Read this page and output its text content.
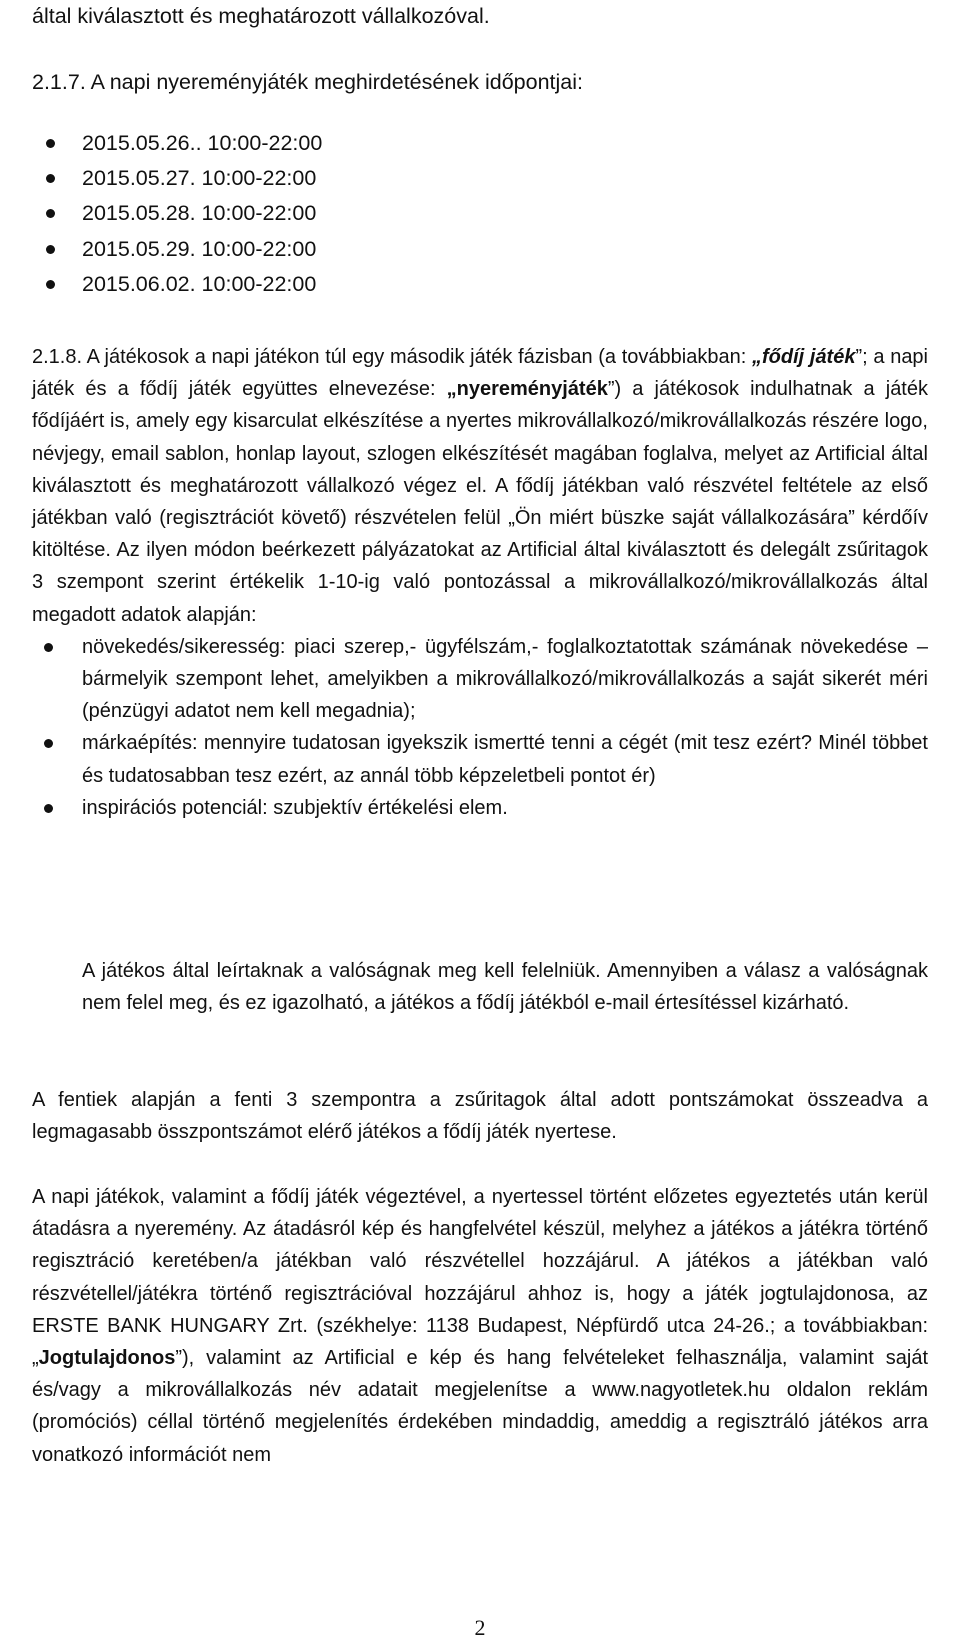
által kiválasztott és meghatározott vállalkozóval.
2.1.7. A napi nyereményjáték meghirdetésének időpontjai:
2015.05.26.. 10:00-22:00
2015.05.27. 10:00-22:00
2015.05.28. 10:00-22:00
2015.05.29. 10:00-22:00
2015.06.02. 10:00-22:00
2.1.8. A játékosok a napi játékon túl egy második játék fázisban (a továbbiakban: „fődíj játék”; a napi játék és a fődíj játék együttes elnevezése: „nyereményjáték”) a játékosok indulhatnak a játék fődíjáért is, amely egy kisarculat elkészítése a nyertes mikrovállalkozó/mikrovállalkozás részére logo, névjegy, email sablon, honlap layout, szlogen elkészítését magában foglalva, melyet az Artificial által kiválasztott és meghatározott vállalkozó végez el. A fődíj játékban való részvétel feltétele az első játékban való (regisztrációt követő) részvételen felül „Ön miért büszke saját vállalkozására” kérdőív kitöltése. Az ilyen módon beérkezett pályázatokat az Artificial által kiválasztott és delegált zsűritagok 3 szempont szerint értékelik 1-10-ig való pontozással a mikrovállalkozó/mikrovállalkozás által megadott adatok alapján:
növekedés/sikeresség: piaci szerep,- ügyfélszám,- foglalkoztatottak számának növekedése – bármelyik szempont lehet, amelyikben a mikrovállalkozó/mikrovállalkozás a saját sikerét méri (pénzügyi adatot nem kell megadnia);
márkaépítés: mennyire tudatosan igyekszik ismertté tenni a cégét (mit tesz ezért? Minél többet és tudatosabban tesz ezért, az annál több képzeletbeli pontot ér)
inspirációs potenciál: szubjektív értékelési elem.
A játékos által leírtaknak a valóságnak meg kell felelniük. Amennyiben a válasz a valóságnak nem felel meg, és ez igazolható, a játékos a fődíj játékból e-mail értesítéssel kizárható.
A fentiek alapján a fenti 3 szempontra a zsűritagok által adott pontszámokat összeadva a legmagasabb összpontszámot elérő játékos a fődíj játék nyertese.
A napi játékok, valamint a fődíj játék végeztével, a nyertessel történt előzetes egyeztetés után kerül átadásra a nyeremény. Az átadásról kép és hangfelvétel készül, melyhez a játékos a játékra történő regisztráció keretében/a játékban való részvétellel hozzájárul. A játékos a játékban való részvétellel/játékra történő regisztrációval hozzájárul ahhoz is, hogy a játék jogtulajdonosa, az ERSTE BANK HUNGARY Zrt. (székhelye: 1138 Budapest, Népfürdő utca 24-26.; a továbbiakban: „Jogtulajdonos”), valamint az Artificial e kép és hang felvételeket felhasználja, valamint saját és/vagy a mikrovállalkozás név adatait megjelenítse a www.nagyotletek.hu oldalon reklám (promóciós) céllal történő megjelenítés érdekében mindaddig, ameddig a regisztráló játékos arra vonatkozó információt nem
2
